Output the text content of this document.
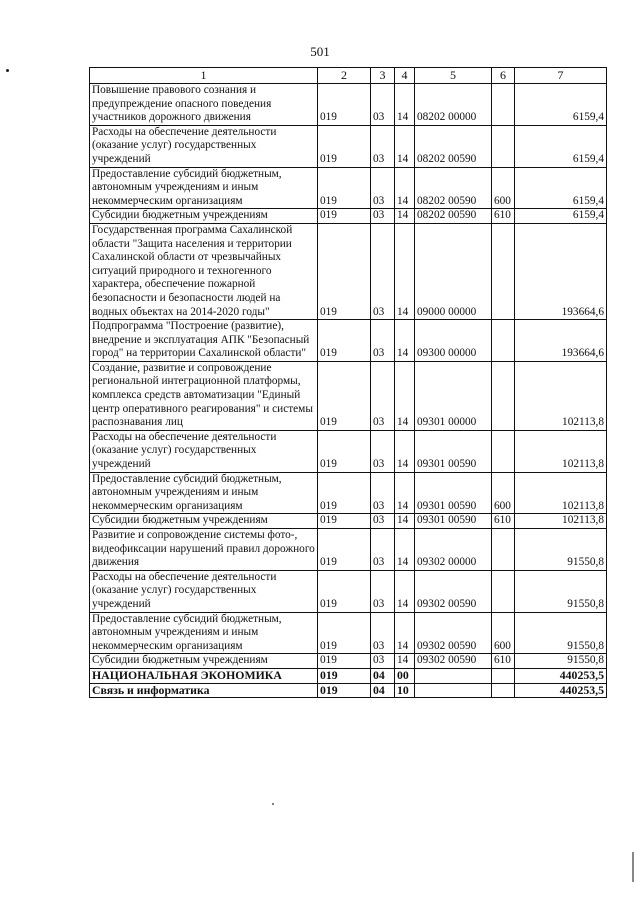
501
1	2	3	4	5	6	7
Повышение правового сознания и предупреждение опасного поведения участников дорожного движения	019	03	14	08202 00000		6159,4
Расходы на обеспечение деятельности (оказание услуг) государственных учреждений	019	03	14	08202 00590		6159,4
Предоставление субсидий бюджетным, автономным учреждениям и иным некоммерческим организациям	019	03	14	08202 00590	600	6159,4
Субсидии бюджетным учреждениям	019	03	14	08202 00590	610	6159,4
Государственная программа Сахалинской области "Защита населения и территории Сахалинской области от чрезвычайных ситуаций природного и техногенного характера, обеспечение пожарной безопасности и безопасности людей на водных объектах на 2014-2020 годы"	019	03	14	09000 00000		193664,6
Подпрограмма "Построение (развитие), внедрение и эксплуатация АПК "Безопасный город" на территории Сахалинской области"	019	03	14	09300 00000		193664,6
Создание, развитие и сопровождение региональной интеграционной платформы, комплекса средств автоматизации "Единый центр оперативного реагирования" и системы распознавания лиц	019	03	14	09301 00000		102113,8
Расходы на обеспечение деятельности (оказание услуг) государственных учреждений	019	03	14	09301 00590		102113,8
Предоставление субсидий бюджетным, автономным учреждениям и иным некоммерческим организациям	019	03	14	09301 00590	600	102113,8
Субсидии бюджетным учреждениям	019	03	14	09301 00590	610	102113,8
Развитие и сопровождение системы фото-, видеофиксации нарушений правил дорожного движения	019	03	14	09302 00000		91550,8
Расходы на обеспечение деятельности (оказание услуг) государственных учреждений	019	03	14	09302 00590		91550,8
Предоставление субсидий бюджетным, автономным учреждениям и иным некоммерческим организациям	019	03	14	09302 00590	600	91550,8
Субсидии бюджетным учреждениям	019	03	14	09302 00590	610	91550,8
НАЦИОНАЛЬНАЯ ЭКОНОМИКА	019	04	00			440253,5
Связь и информатика	019	04	10			440253,5
